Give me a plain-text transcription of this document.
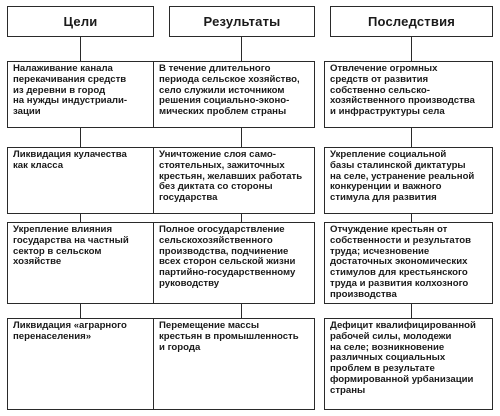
Цели	Результаты	Последствия
Налаживание канала
перекачивания средств
из деревни в город
на нужды индустриали-
зации
В течение длительного
периода сельское хозяйство,
село служили источником
решения социально-эконо-
мических проблем страны
Отвлечение огромных
средств от развития
собственно сельско-
хозяйственного производства
и инфраструктуры села
Ликвидация кулачества
как класса
Уничтожение слоя само-
стоятельных, зажиточных
крестьян, желавших работать
без диктата со стороны
государства
Укрепление социальной
базы сталинской диктатуры
на селе, устранение реальной
конкуренции и важного
стимула для развития
Укрепление влияния
государства на частный
сектор в сельском
хозяйстве
Полное огосударствление
сельскохозяйственного
производства, подчинение
всех сторон сельской жизни
партийно-государственному
руководству
Отчуждение крестьян от
собственности и результатов
труда; исчезновение
достаточных экономических
стимулов для крестьянского
труда и развития колхозного
производства
Ликвидация «аграрного
перенаселения»
Перемещение массы
крестьян в промышленность
и города
Дефицит квалифицированной
рабочей силы, молодежи
на селе; возникновение
различных социальных
проблем в результате
формированной урбанизации
страны
